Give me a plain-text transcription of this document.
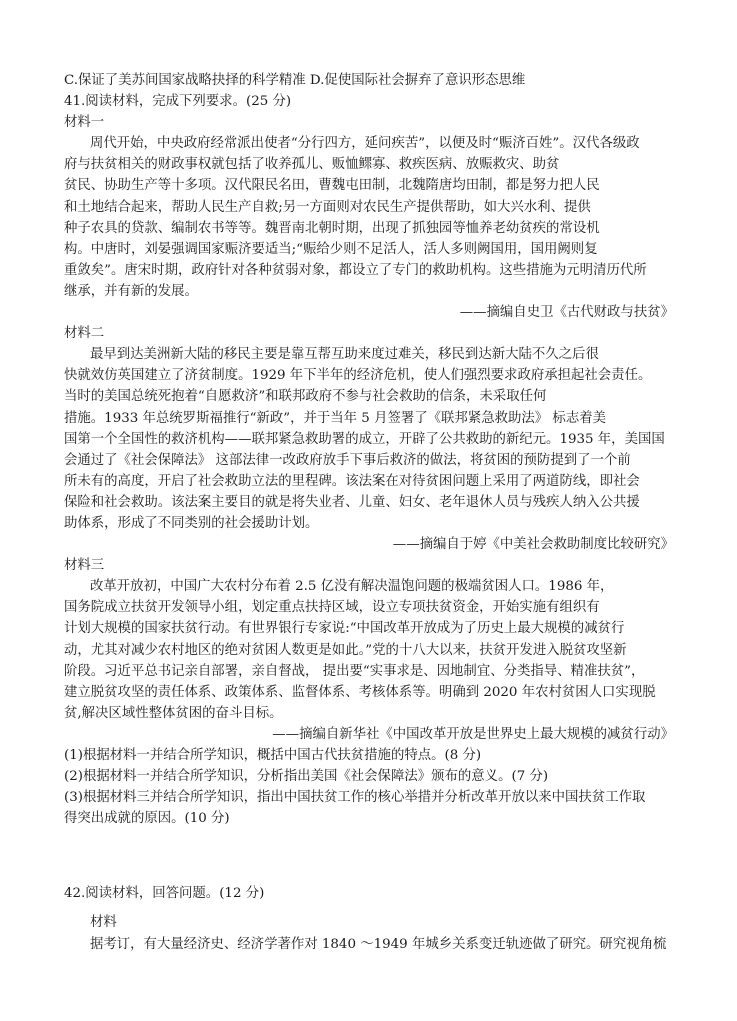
C.保证了美苏间国家战略抉择的科学精准 D.促使国际社会摒弃了意识形态思维
41.阅读材料，完成下列要求。(25 分)
材料一
周代开始，中央政府经常派出使者“分行四方，延问疾苦”，以便及时“赈济百姓”。汉代各级政
府与扶贫相关的财政事权就包括了收养孤儿、贩恤鳏寡、救疾医病、放赈救灾、助贫
贫民、协助生产等十多项。汉代限民名田，曹魏屯田制，北魏隋唐均田制，都是努力把人民
和土地结合起来，帮助人民生产自救;另一方面则对农民生产提供帮助，如大兴水利、提供
种子农具的贷款、编制农书等等。魏晋南北朝时期，出现了抓独园等恤养老幼贫疾的常设机
构。中唐时，刘晏强调国家赈济要适当;“赈给少则不足活人，活人多则阙国用，国用阙则复
重敛矣”。唐宋时期，政府针对各种贫弱对象，都设立了专门的救助机构。这些措施为元明清历代所
继承，并有新的发展。
——摘编自史卫《古代财政与扶贫》
材料二
最早到达美洲新大陆的移民主要是靠互帮互助来度过难关，移民到达新大陆不久之后很
快就效仿英国建立了济贫制度。1929 年下半年的经济危机，使人们强烈要求政府承担起社会责任。
当时的美国总统死抱着“自愿救济”和联邦政府不参与社会救助的信条，未采取任何
措施。1933 年总统罗斯福推行“新政”，并于当年 5 月签署了《联邦紧急救助法》 标志着美
国第一个全国性的救济机构——联邦紧急救助署的成立，开辟了公共救助的新纪元。1935 年，美国国
会通过了《社会保障法》 这部法律一改政府放手下事后救济的做法，将贫困的预防提到了一个前
所未有的高度，开启了社会救助立法的里程碑。该法案在对待贫困问题上采用了两道防线，即社会
保险和社会救助。该法案主要目的就是将失业者、儿童、妇女、老年退休人员与残疾人纳入公共援
助体系，形成了不同类别的社会援助计划。
——摘编自于婷《中美社会救助制度比较研究》
材料三
改革开放初，中国广大农村分布着 2.5 亿没有解决温饱问题的极端贫困人口。1986 年，
国务院成立扶贫开发领导小组，划定重点扶持区域，设立专项扶贫资金，开始实施有组织有
计划大规模的国家扶贫行动。有世界银行专家说:“中国改革开放成为了历史上最大规模的减贫行
动，尤其对减少农村地区的绝对贫困人数更是如此。”党的十八大以来，扶贫开发进入脱贫攻坚新
阶段。习近平总书记亲自部署，亲自督战， 提出要“实事求是、因地制宜、分类指导、精准扶贫”，
建立脱贫攻坚的责任体系、政策体系、监督体系、考核体系等。明确到 2020 年农村贫困人口实现脱
贫,解决区域性整体贫困的奋斗目标。
——摘编自新华社《中国改革开放是世界史上最大规模的减贫行动》
(1)根据材料一并结合所学知识，概括中国古代扶贫措施的特点。(8 分)
(2)根据材料一并结合所学知识，分析指出美国《社会保障法》颁布的意义。(7 分)
(3)根据材料三并结合所学知识，指出中国扶贫工作的核心举措并分析改革开放以来中国扶贫工作取
得突出成就的原因。(10 分)
42.阅读材料，回答问题。(12 分)
材料
据考订，有大量经济史、经济学著作对 1840 ～1949 年城乡关系变迁轨迹做了研究。研究视角梳
